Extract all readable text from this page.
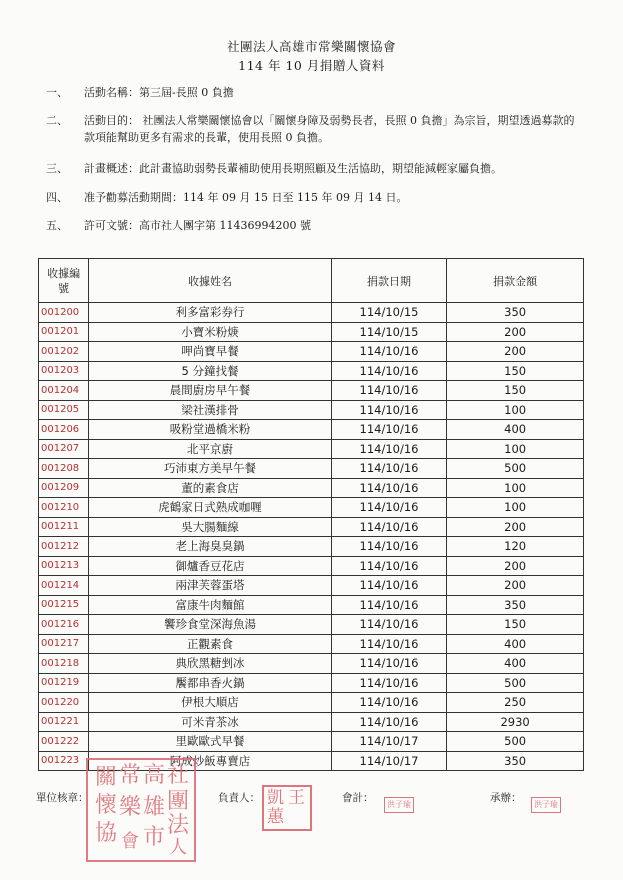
社團法人高雄市常樂關懷協會
114 年 10 月捐贈人資料
一、 活動名稱：第三屆-長照 0 負擔
二、 活動目的： 社團法人常樂關懷協會以「關懷身障及弱勢長者，長照 0 負擔」為宗旨，期望透過募款的款項能幫助更多有需求的長輩，使用長照 0 負擔。
三、 計畫概述：此計畫協助弱勢長輩補助使用長期照顧及生活協助，期望能減輕家屬負擔。
四、 准予勸募活動期間：114 年 09 月 15 日至 115 年 09 月 14 日。
五、 許可文號：高市社人團字第 11436994200 號
收據編號	收據姓名	捐款日期	捐款金額
001200	利多富彩券行	114/10/15	350
001201	小寶米粉焿	114/10/15	200
001202	呷尚寶早餐	114/10/16	200
001203	5 分鐘找餐	114/10/16	150
001204	晨間廚房早午餐	114/10/16	150
001205	梁社漢排骨	114/10/16	100
001206	吸粉堂過橋米粉	114/10/16	400
001207	北平京廚	114/10/16	100
001208	巧沛東方美早午餐	114/10/16	500
001209	董的素食店	114/10/16	100
001210	虎鶴家日式熟成咖喱	114/10/16	100
001211	吳大腸麵線	114/10/16	200
001212	老上海臭臭鍋	114/10/16	120
001213	御爐香豆花店	114/10/16	200
001214	兩津芙蓉蛋塔	114/10/16	200
001215	富康牛肉麵館	114/10/16	350
001216	饗珍食堂深海魚湯	114/10/16	150
001217	正觀素食	114/10/16	400
001218	典欣黑糖剉冰	114/10/16	400
001219	饜都串香火鍋	114/10/16	500
001220	伊根大順店	114/10/16	250
001221	可米青茶冰	114/10/16	2930
001222	里歐歐式早餐	114/10/17	500
001223	阿成炒飯專賣店	114/10/17	350
單位核章：	負責人：	會計：	承辦：
關
懷
協 會
常
樂
高
雄
市
社
團
法
人
王
凱
蕙
洪子瑜	洪子瑜
